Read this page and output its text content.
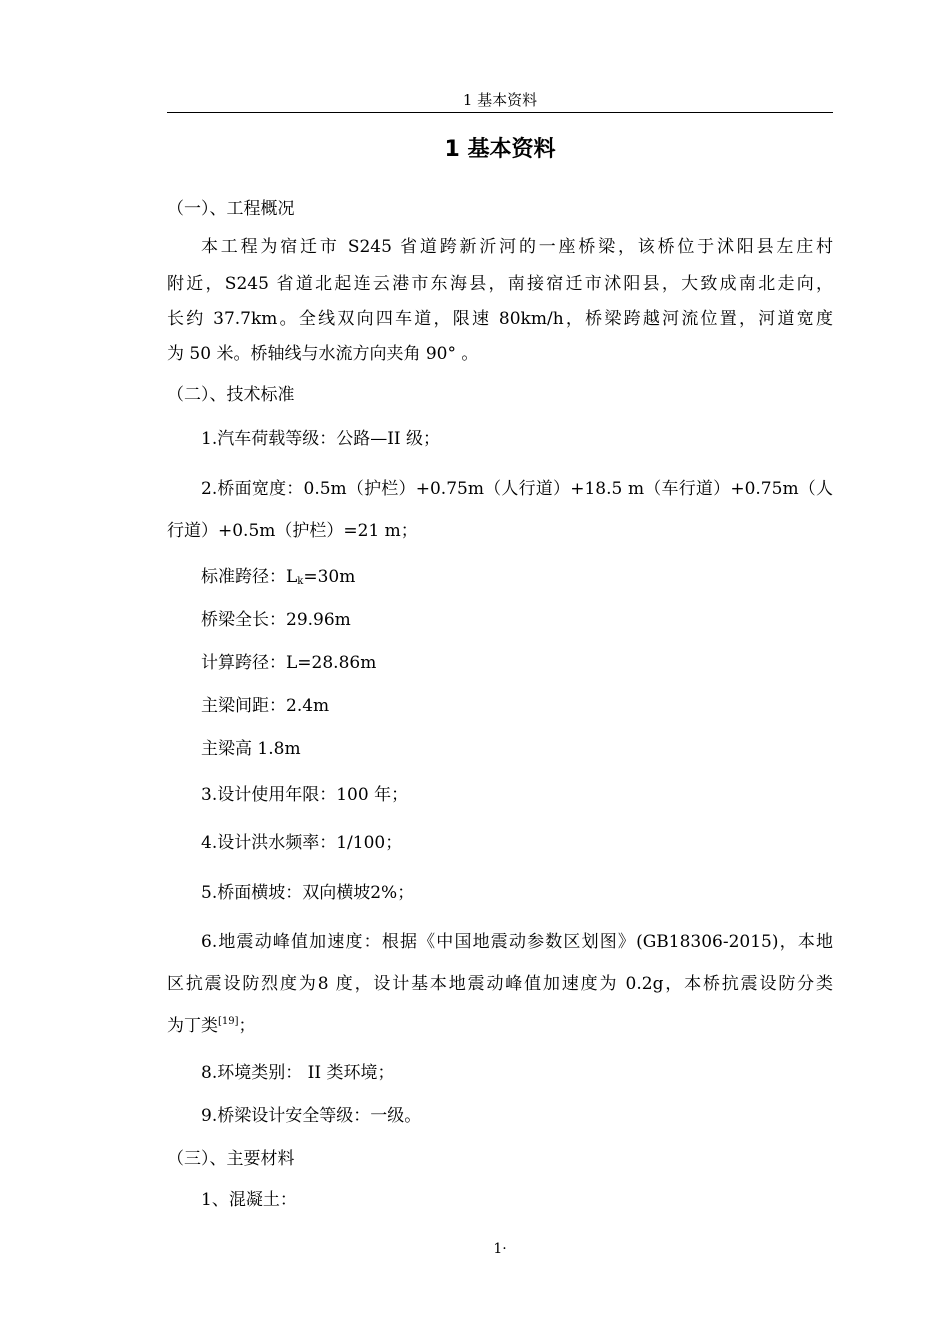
1 基本资料
1 基本资料
（一）、工程概况
本工程为宿迁市 S245 省道跨新沂河的一座桥梁，该桥位于沭阳县左庄村
附近，S245 省道北起连云港市东海县，南接宿迁市沭阳县，大致成南北走向，
长约 37.7km。全线双向四车道，限速 80km/h，桥梁跨越河流位置，河道宽度
为 50 米。桥轴线与水流方向夹角 90° 。
（二）、技术标准
1.汽车荷载等级：公路—II 级；
2.桥面宽度：0.5m（护栏）+0.75m（人行道）+18.5 m（车行道）+0.75m（人
行道）+0.5m（护栏）=21 m；
标准跨径：$L_k=30m$
桥梁全长：29.96m
计算跨径：L=28.86m
主梁间距：2.4m
主梁高 1.8m
3.设计使用年限：100 年；
4.设计洪水频率：1/100；
5.桥面横坡：双向横坡2%；
6.地震动峰值加速度：根据《中国地震动参数区划图》(GB18306-2015)，本地
区抗震设防烈度为8 度，设计基本地震动峰值加速度为 0.2g，本桥抗震设防分类
为丁类[19]；
8.环境类别： II 类环境；
9.桥梁设计安全等级：一级。
（三）、主要材料
1、混凝土：
1·
